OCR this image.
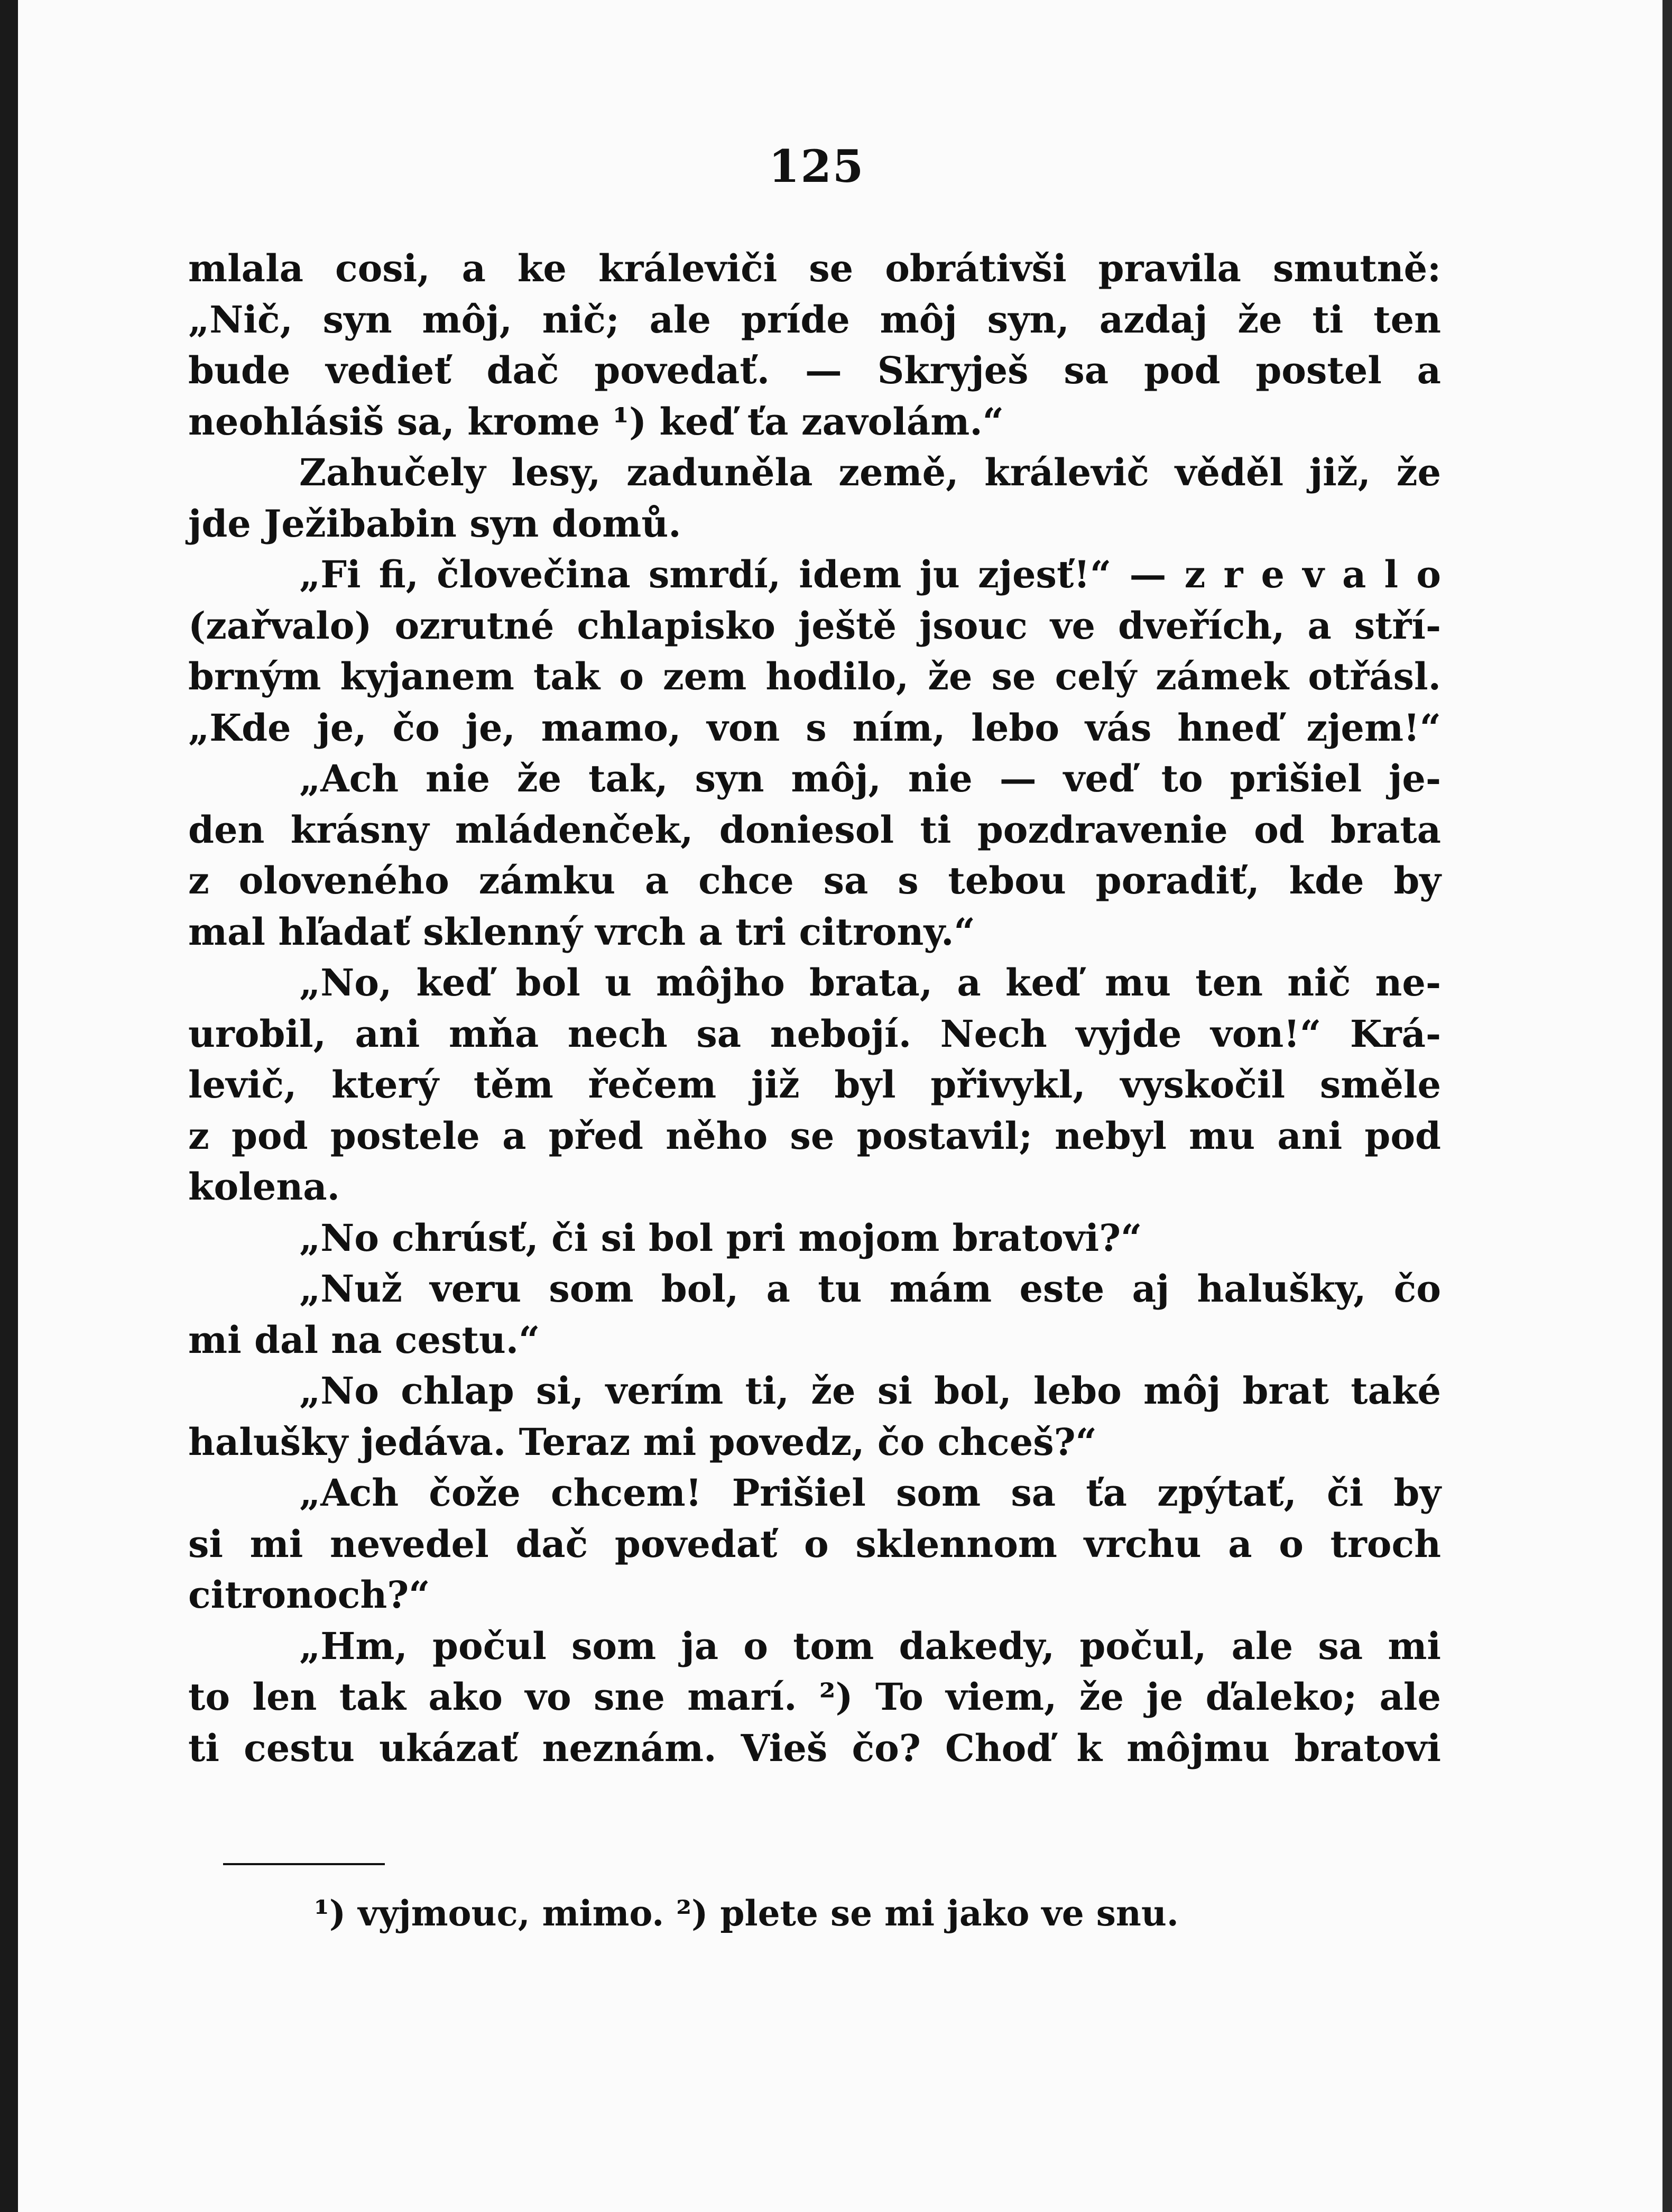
125
mlala cosi, a ke králeviči se obrátivši pravila smutně:
„Nič, syn môj, nič; ale príde môj syn, azdaj že ti ten
bude vedieť dač povedať. — Skryješ sa pod postel a
neohlásiš sa, krome ¹) keď ťa zavolám.“
Zahučely lesy, zaduněla země, králevič věděl již, že
jde Ježibabin syn domů.
„Fi fi, človečina smrdí, idem ju zjesť!“ — z r e v a l o
(zařvalo) ozrutné chlapisko ještě jsouc ve dveřích, a stří-
brným kyjanem tak o zem hodilo, že se celý zámek otřásl.
„Kde je, čo je, mamo, von s ním, lebo vás hneď zjem!“
„Ach nie že tak, syn môj, nie — veď to prišiel je-
den krásny mládenček, doniesol ti pozdravenie od brata
z oloveného zámku a chce sa s tebou poradiť, kde by
mal hľadať sklenný vrch a tri citrony.“
„No, keď bol u môjho brata, a keď mu ten nič ne-
urobil, ani mňa nech sa nebojí. Nech vyjde von!“ Krá-
levič, který těm řečem již byl přivykl, vyskočil směle
z pod postele a před něho se postavil; nebyl mu ani pod
kolena.
„No chrúsť, či si bol pri mojom bratovi?“
„Nuž veru som bol, a tu mám este aj halušky, čo
mi dal na cestu.“
„No chlap si, verím ti, že si bol, lebo môj brat také
halušky jedáva. Teraz mi povedz, čo chceš?“
„Ach čože chcem! Prišiel som sa ťa zpýtať, či by
si mi nevedel dač povedať o sklennom vrchu a o troch
citronoch?“
„Hm, počul som ja o tom dakedy, počul, ale sa mi
to len tak ako vo sne marí. ²) To viem, že je ďaleko; ale
ti cestu ukázať neznám. Vieš čo? Choď k môjmu bratovi
¹) vyjmouc, mimo. ²) plete se mi jako ve snu.
